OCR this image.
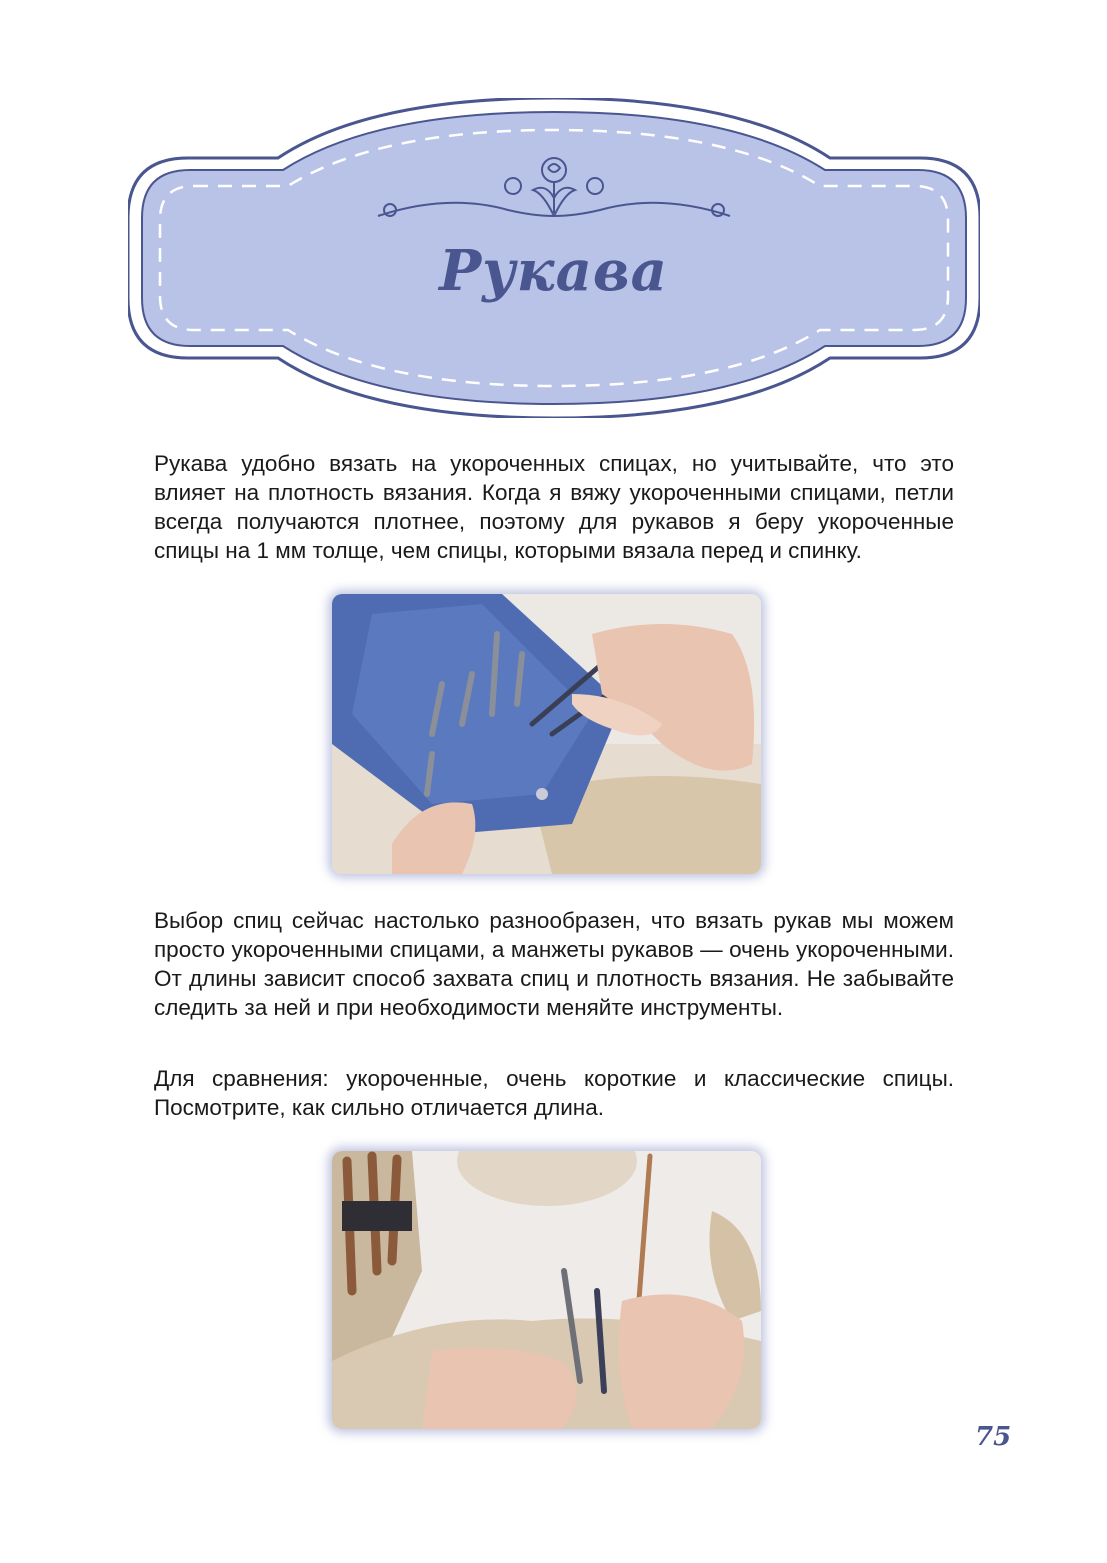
Рукава

Рукава удобно вязать на укороченных спицах, но учитывайте, что это влияет на плотность вязания. Когда я вяжу укороченными спицами, петли всегда получаются плотнее, поэтому для рукавов я беру укороченные спицы на 1 мм толще, чем спицы, которыми вязала перед и спинку.

Выбор спиц сейчас настолько разнообразен, что вязать рукав мы можем просто укороченными спицами, а манжеты рукавов — очень укороченными. От длины зависит способ захвата спиц и плотность вязания. Не забывайте следить за ней и при необходимости меняйте инструменты.

Для сравнения: укороченные, очень короткие и классические спицы. Посмотрите, как сильно отличается длина.

75
